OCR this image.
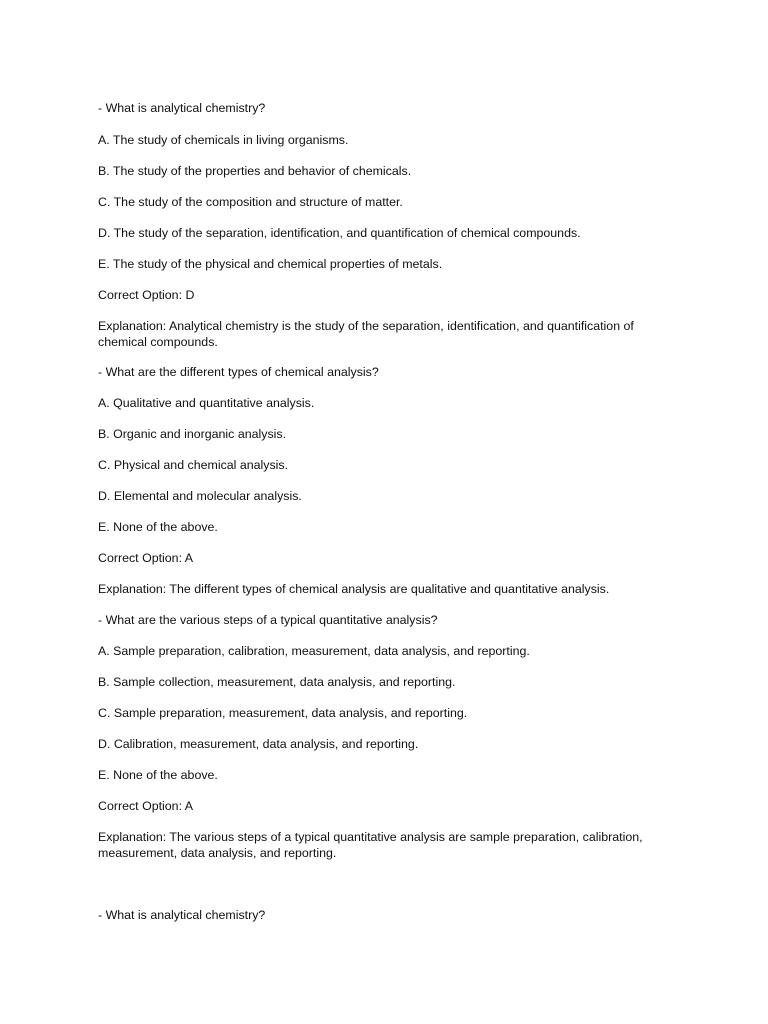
- What is analytical chemistry?
A. The study of chemicals in living organisms.
B. The study of the properties and behavior of chemicals.
C. The study of the composition and structure of matter.
D. The study of the separation, identification, and quantification of chemical compounds.
E. The study of the physical and chemical properties of metals.
Correct Option: D
Explanation: Analytical chemistry is the study of the separation, identification, and quantification of chemical compounds.
- What are the different types of chemical analysis?
A. Qualitative and quantitative analysis.
B. Organic and inorganic analysis.
C. Physical and chemical analysis.
D. Elemental and molecular analysis.
E. None of the above.
Correct Option: A
Explanation: The different types of chemical analysis are qualitative and quantitative analysis.
- What are the various steps of a typical quantitative analysis?
A. Sample preparation, calibration, measurement, data analysis, and reporting.
B. Sample collection, measurement, data analysis, and reporting.
C. Sample preparation, measurement, data analysis, and reporting.
D. Calibration, measurement, data analysis, and reporting.
E. None of the above.
Correct Option: A
Explanation: The various steps of a typical quantitative analysis are sample preparation, calibration, measurement, data analysis, and reporting.
- What is analytical chemistry?
